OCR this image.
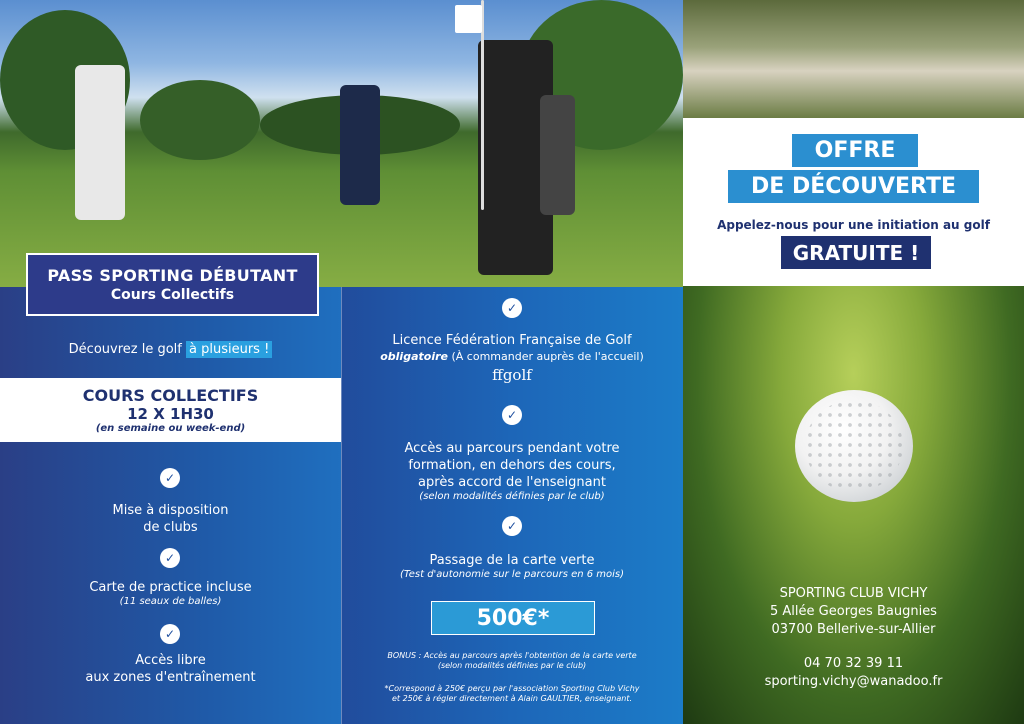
PASS SPORTING DÉBUTANT
Cours Collectifs
Découvrez le golf à plusieurs !
COURS COLLECTIFS
12 X 1H30
(en semaine ou week-end)
✓
Mise à disposition
de clubs
✓
Carte de practice incluse
(11 seaux de balles)
✓
Accès libre
aux zones d'entraînement
✓
Licence Fédération Française de Golf
obligatoire (À commander auprès de l'accueil)
ffgolf
✓
Accès au parcours pendant votre
formation, en dehors des cours,
après accord de l'enseignant
(selon modalités définies par le club)
✓
Passage de la carte verte
(Test d'autonomie sur le parcours en 6 mois)
500€*
BONUS : Accès au parcours après l'obtention de la carte verte
(selon modalités définies par le club)
*Correspond à 250€ perçu par l'association Sporting Club Vichy
et 250€ à régler directement à Alain GAULTIER, enseignant.
OFFRE
DE DÉCOUVERTE
Appelez-nous pour une initiation au golf
GRATUITE !
SPORTING CLUB VICHY
5 Allée Georges Baugnies
03700 Bellerive-sur-Allier
04 70 32 39 11
sporting.vichy@wanadoo.fr
